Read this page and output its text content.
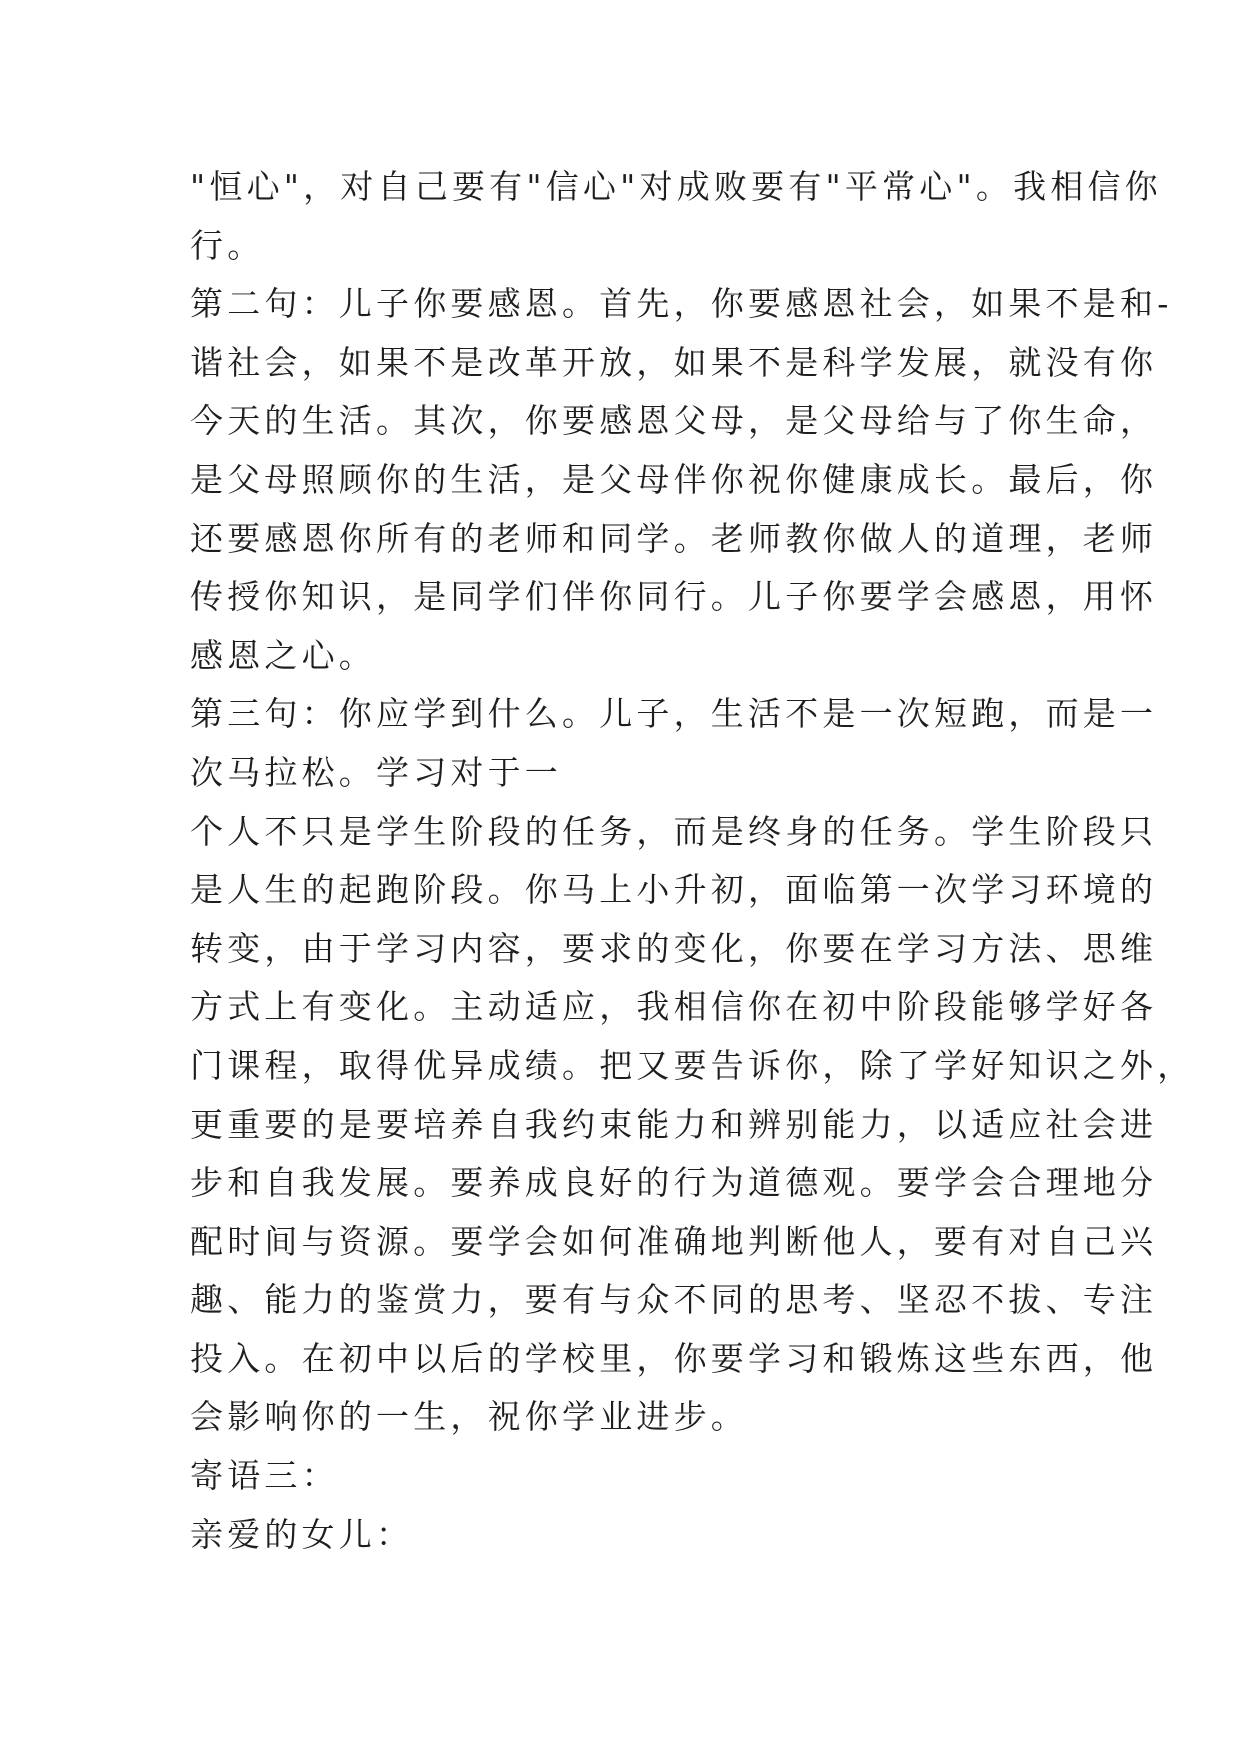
"恒心"，对自己要有"信心"对成败要有"平常心"。我相信你
行。
第二句：儿子你要感恩。首先，你要感恩社会，如果不是和-
谐社会，如果不是改革开放，如果不是科学发展，就没有你
今天的生活。其次，你要感恩父母，是父母给与了你生命，
是父母照顾你的生活，是父母伴你祝你健康成长。最后，你
还要感恩你所有的老师和同学。老师教你做人的道理，老师
传授你知识，是同学们伴你同行。儿子你要学会感恩，用怀
感恩之心。
第三句：你应学到什么。儿子，生活不是一次短跑，而是一
次马拉松。学习对于一
个人不只是学生阶段的任务，而是终身的任务。学生阶段只
是人生的起跑阶段。你马上小升初，面临第一次学习环境的
转变，由于学习内容，要求的变化，你要在学习方法、思维
方式上有变化。主动适应，我相信你在初中阶段能够学好各
门课程，取得优异成绩。把又要告诉你，除了学好知识之外，
更重要的是要培养自我约束能力和辨别能力，以适应社会进
步和自我发展。要养成良好的行为道德观。要学会合理地分
配时间与资源。要学会如何准确地判断他人，要有对自己兴
趣、能力的鉴赏力，要有与众不同的思考、坚忍不拔、专注
投入。在初中以后的学校里，你要学习和锻炼这些东西，他
会影响你的一生，祝你学业进步。
寄语三：
亲爱的女儿：
